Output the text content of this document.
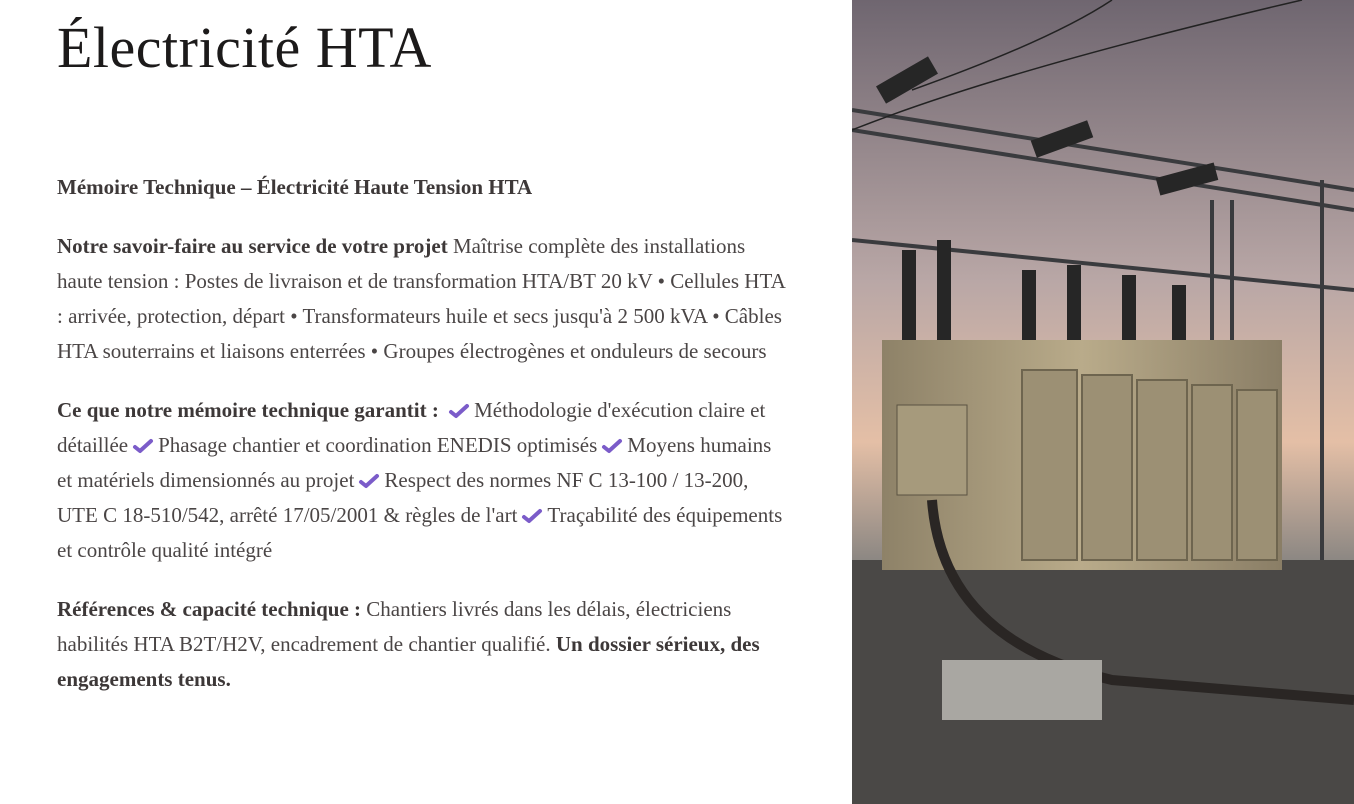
Électricité HTA

Mémoire Technique – Électricité Haute Tension HTA

Notre savoir-faire au service de votre projet Maîtrise complète des installations haute tension : Postes de livraison et de transformation HTA/BT 20 kV • Cellules HTA : arrivée, protection, départ • Transformateurs huile et secs jusqu'à 2 500 kVA • Câbles HTA souterrains et liaisons enterrées • Groupes électrogènes et onduleurs de secours

Ce que notre mémoire technique garantit : Méthodologie d'exécution claire et détaillée Phasage chantier et coordination ENEDIS optimisés Moyens humains et matériels dimensionnés au projet Respect des normes NF C 13-100 / 13-200, UTE C 18-510/542, arrêté 17/05/2001 & règles de l'art Traçabilité des équipements et contrôle qualité intégré

Références & capacité technique : Chantiers livrés dans les délais, électriciens habilités HTA B2T/H2V, encadrement de chantier qualifié. Un dossier sérieux, des engagements tenus.
